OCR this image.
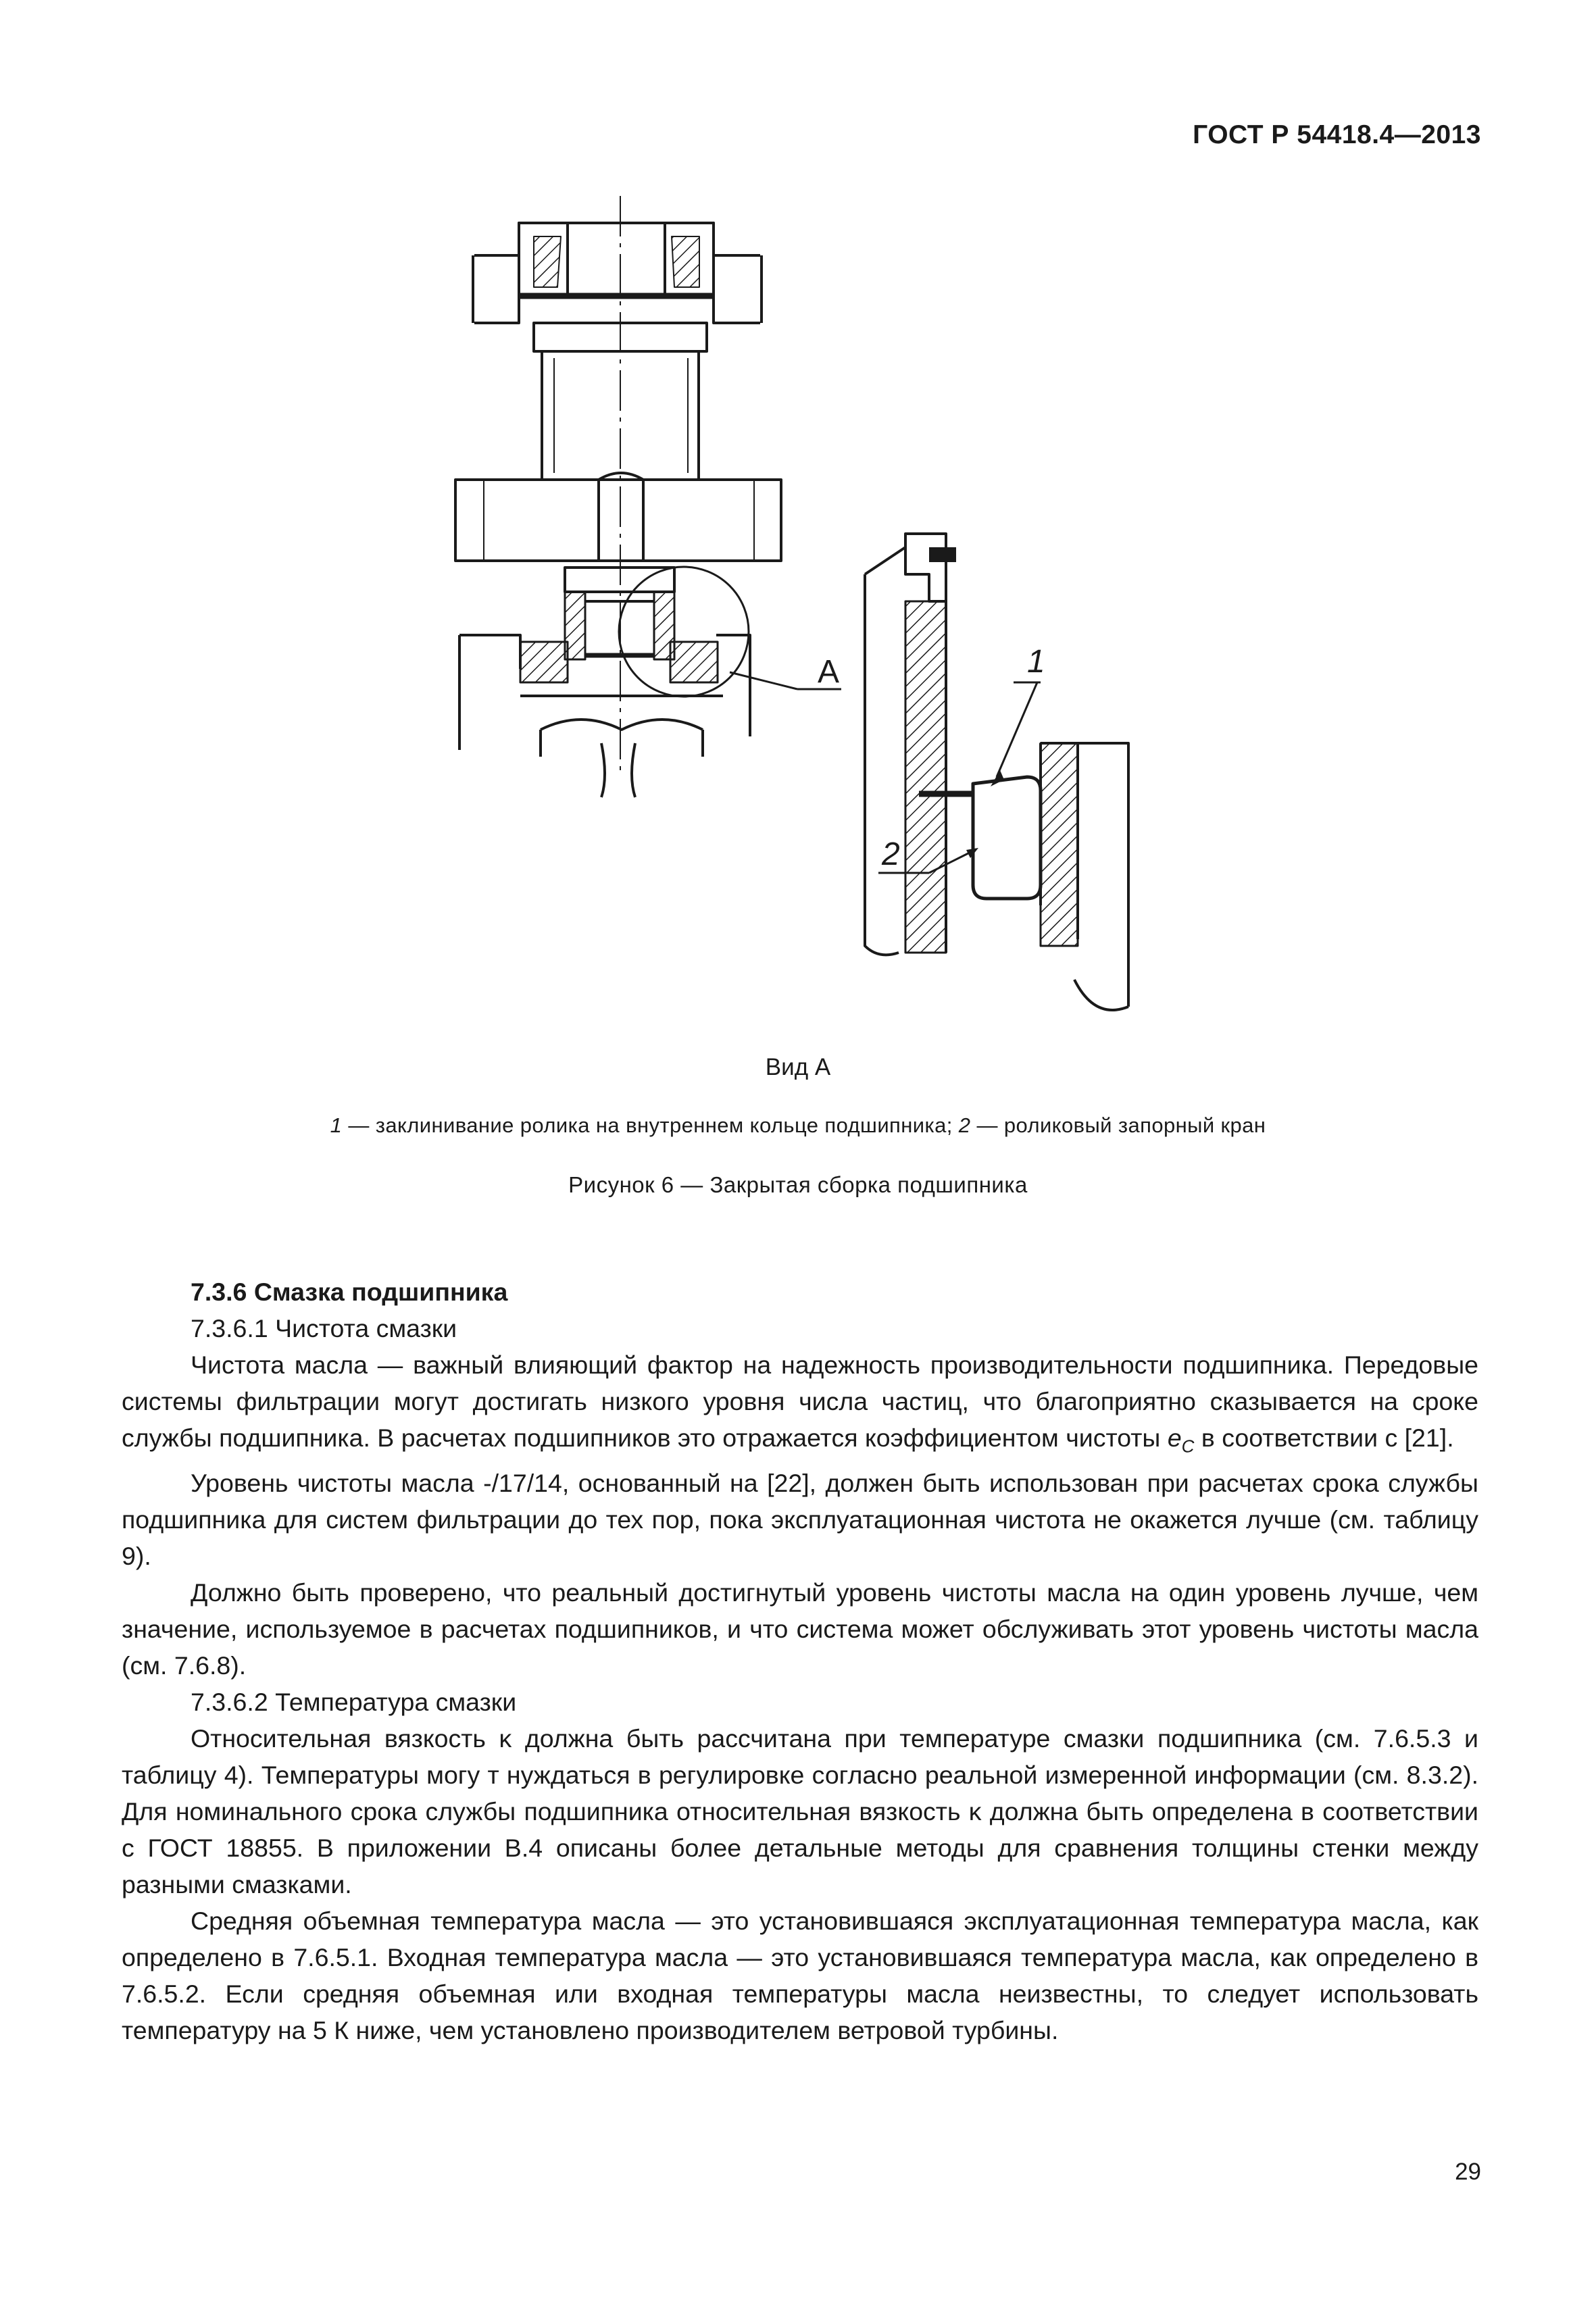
ГОСТ Р 54418.4—2013
A	1
2
Вид А
1 — заклинивание ролика на внутреннем кольце подшипника; 2 — роликовый запорный кран
Рисунок 6 — Закрытая сборка подшипника

7.3.6 Смазка подшипника

7.3.6.1 Чистота смазки

Чистота масла — важный влияющий фактор на надежность производительности подшипника. Передовые системы фильтрации могут достигать низкого уровня числа частиц, что благоприятно сказывается на сроке службы подшипника. В расчетах подшипников это отражается коэффициентом чистоты $e_C$ в соответствии с [21].

Уровень чистоты масла -/17/14, основанный на [22], должен быть использован при расчетах срока службы подшипника для систем фильтрации до тех пор, пока эксплуатационная чистота не окажется лучше (см. таблицу 9).

Должно быть проверено, что реальный достигнутый уровень чистоты масла на один уровень лучше, чем значение, используемое в расчетах подшипников, и что система может обслуживать этот уровень чистоты масла (см. 7.6.8).

7.3.6.2 Температура смазки

Относительная вязкость κ должна быть рассчитана при температуре смазки подшипника (см. 7.6.5.3 и таблицу 4). Температуры могу т нуждаться в регулировке согласно реальной измеренной информации (см. 8.3.2). Для номинального срока службы подшипника относительная вязкость κ должна быть определена в соответствии с ГОСТ 18855. В приложении В.4 описаны более детальные методы для сравнения толщины стенки между разными смазками.

Средняя объемная температура масла — это установившаяся эксплуатационная температура масла, как определено в 7.6.5.1. Входная температура масла — это установившаяся температура масла, как определено в 7.6.5.2. Если средняя объемная или входная температуры масла неизвестны, то следует использовать температуру на 5 К ниже, чем установлено производителем ветровой турбины.

29
